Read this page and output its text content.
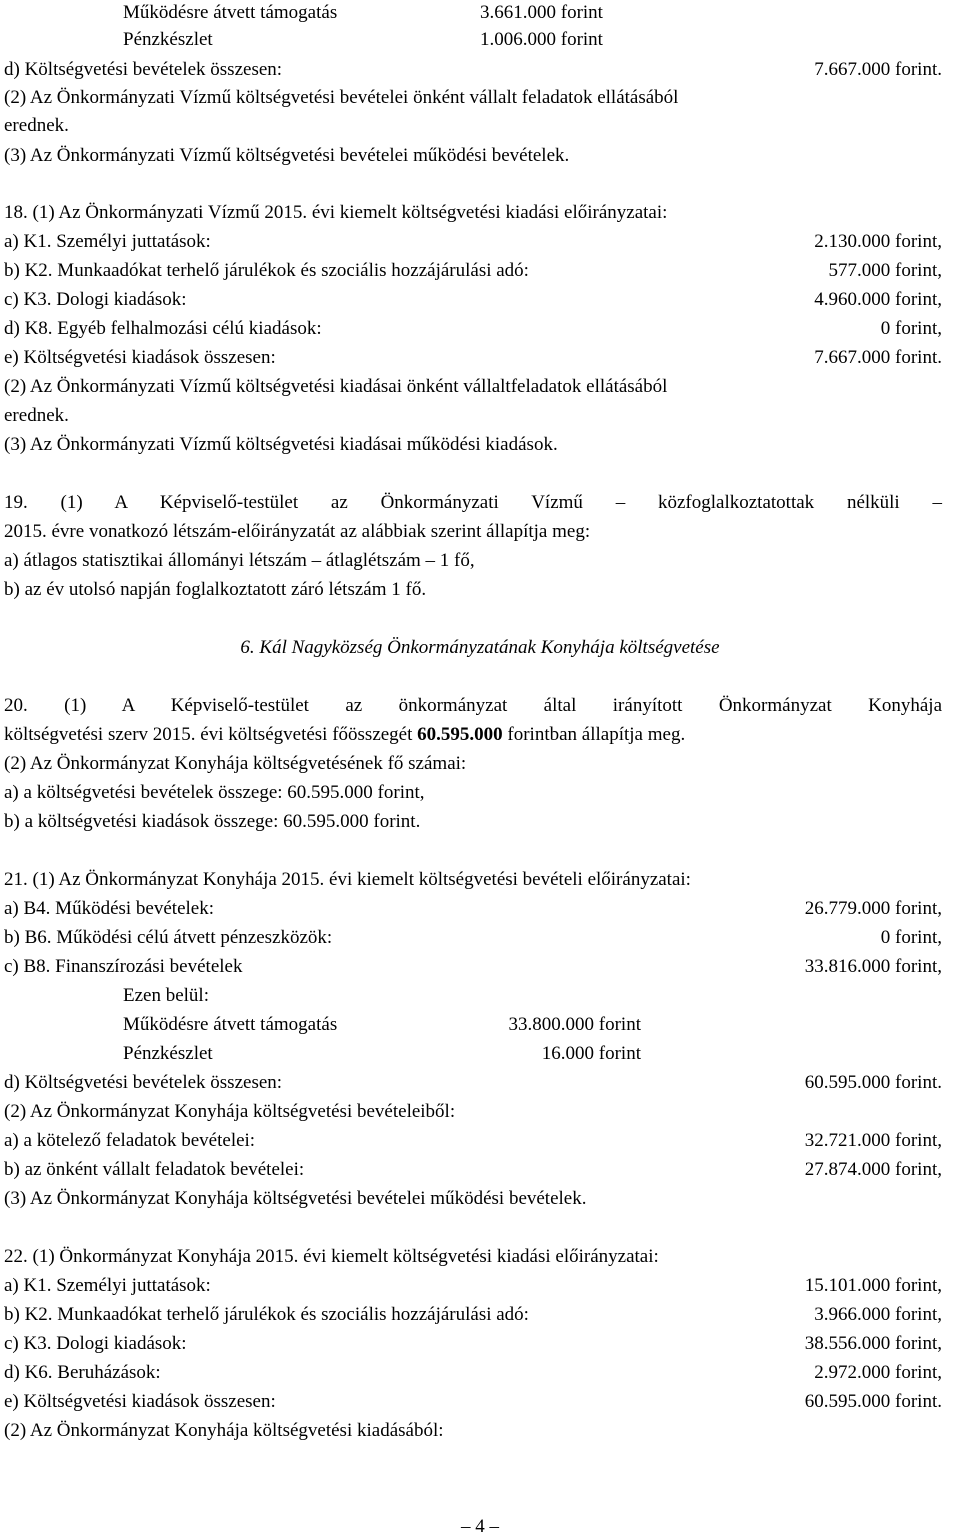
Működésre átvett támogatás	3.661.000 forint
Pénzkészlet	1.006.000 forint
d) Költségvetési bevételek összesen:	7.667.000 forint.
(2) Az Önkormányzati Vízmű költségvetési bevételei önként vállalt feladatok ellátásából
erednek.
(3) Az Önkormányzati Vízmű költségvetési bevételei működési bevételek.
18. (1) Az Önkormányzati Vízmű 2015. évi kiemelt költségvetési kiadási előirányzatai:
a) K1. Személyi juttatások:	2.130.000 forint,
b) K2. Munkaadókat terhelő járulékok és szociális hozzájárulási adó:	577.000 forint,
c) K3. Dologi kiadások:	4.960.000 forint,
d) K8. Egyéb felhalmozási célú kiadások:	0 forint,
e) Költségvetési kiadások összesen:	7.667.000 forint.
(2) Az Önkormányzati Vízmű költségvetési kiadásai önként vállaltfeladatok ellátásából
erednek.
(3) Az Önkormányzati Vízmű költségvetési kiadásai működési kiadások.
19. (1) A Képviselő-testület az Önkormányzati Vízmű – közfoglalkoztatottak nélküli –
2015. évre vonatkozó létszám-előirányzatát az alábbiak szerint állapítja meg:
a) átlagos statisztikai állományi létszám – átlaglétszám – 1 fő,
b) az év utolsó napján foglalkoztatott záró létszám 1 fő.
6. Kál Nagyközség Önkormányzatának Konyhája költségvetése
20. (1) A Képviselő-testület az önkormányzat által irányított Önkormányzat Konyhája
költségvetési szerv 2015. évi költségvetési főösszegét 60.595.000 forintban állapítja meg.
(2) Az Önkormányzat Konyhája költségvetésének fő számai:
a) a költségvetési bevételek összege: 60.595.000 forint,
b) a költségvetési kiadások összege: 60.595.000 forint.
21. (1) Az Önkormányzat Konyhája 2015. évi kiemelt költségvetési bevételi előirányzatai:
a) B4. Működési bevételek:	26.779.000 forint,
b) B6. Működési célú átvett pénzeszközök:	0 forint,
c) B8. Finanszírozási bevételek	33.816.000 forint,
Ezen belül:
Működésre átvett támogatás	33.800.000 forint
Pénzkészlet	16.000 forint
d) Költségvetési bevételek összesen:	60.595.000 forint.
(2) Az Önkormányzat Konyhája költségvetési bevételeiből:
a) a kötelező feladatok bevételei:	32.721.000 forint,
b) az önként vállalt feladatok bevételei:	27.874.000 forint,
(3) Az Önkormányzat Konyhája költségvetési bevételei működési bevételek.
22. (1) Önkormányzat Konyhája 2015. évi kiemelt költségvetési kiadási előirányzatai:
a) K1. Személyi juttatások:	15.101.000 forint,
b) K2. Munkaadókat terhelő járulékok és szociális hozzájárulási adó:	3.966.000 forint,
c) K3. Dologi kiadások:	38.556.000 forint,
d) K6. Beruházások:	2.972.000 forint,
e) Költségvetési kiadások összesen:	60.595.000 forint.
(2) Az Önkormányzat Konyhája költségvetési kiadásából:
– 4 –
